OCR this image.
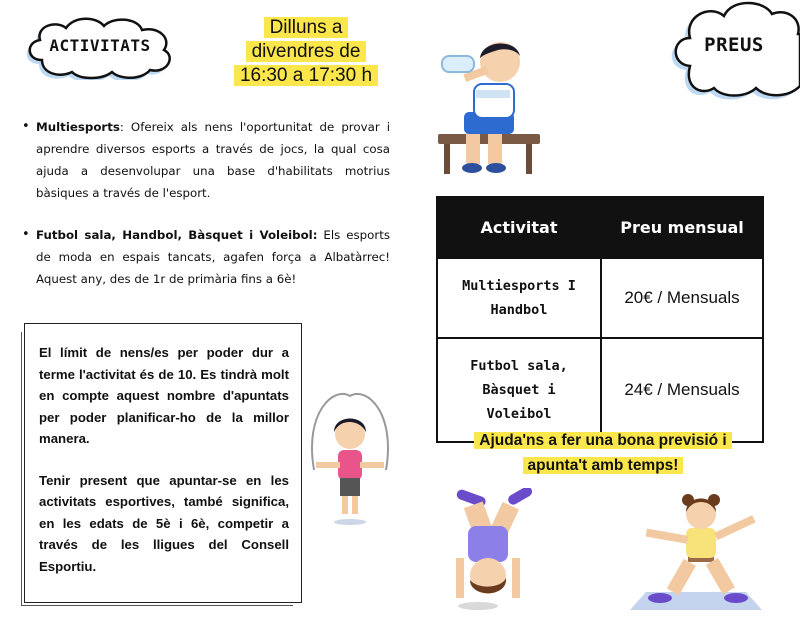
ACTIVITATS	PREUS
Dilluns a
divendres de
16:30 a 17:30 h
• Multiesports: Ofereix als nens l'oportunitat de provar i aprendre diversos esports a través de jocs, la qual cosa ajuda a desenvolupar una base d'habilitats motrius bàsiques a través de l'esport.
• Futbol sala, Handbol, Bàsquet i Voleibol: Els esports de moda en espais tancats, agafen força a Albatàrrec! Aquest any, des de 1r de primària fins a 6è!

El límit de nens/es per poder dur a terme l'activitat és de 10. Es tindrà molt en compte aquest nombre d'apuntats per poder planificar-ho de la millor manera.

Tenir present que apuntar-se en les activitats esportives, també significa, en les edats de 5è i 6è, competir a través de les lligues del Consell Esportiu.

Activitat	Preu mensual
Multiesports I
Handbol	20€ / Mensuals
Futbol sala,
Bàsquet i
Voleibol	24€ / Mensuals
Ajuda'ns a fer una bona previsió i
apunta't amb temps!
